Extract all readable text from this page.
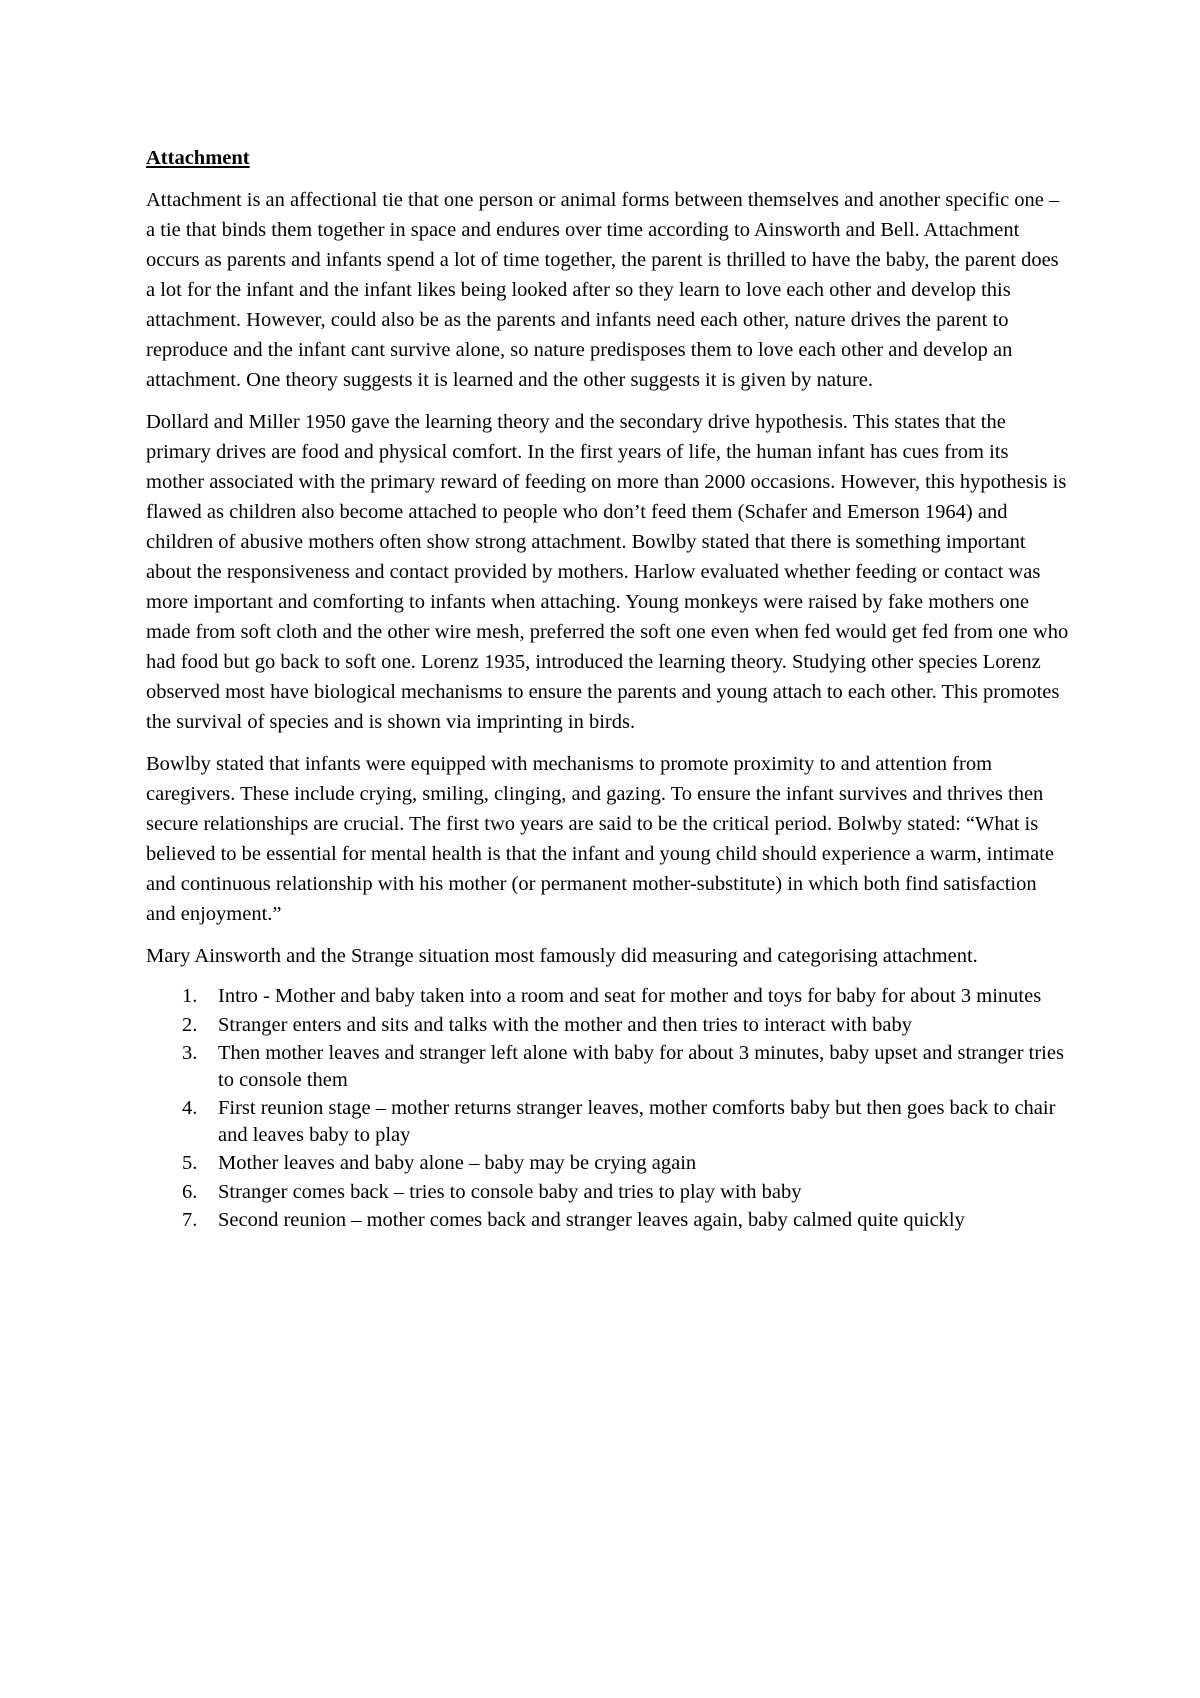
Attachment

Attachment is an affectional tie that one person or animal forms between themselves and another specific one – a tie that binds them together in space and endures over time according to Ainsworth and Bell. Attachment occurs as parents and infants spend a lot of time together, the parent is thrilled to have the baby, the parent does a lot for the infant and the infant likes being looked after so they learn to love each other and develop this attachment. However, could also be as the parents and infants need each other, nature drives the parent to reproduce and the infant cant survive alone, so nature predisposes them to love each other and develop an attachment. One theory suggests it is learned and the other suggests it is given by nature.

Dollard and Miller 1950 gave the learning theory and the secondary drive hypothesis. This states that the primary drives are food and physical comfort. In the first years of life, the human infant has cues from its mother associated with the primary reward of feeding on more than 2000 occasions. However, this hypothesis is flawed as children also become attached to people who don’t feed them (Schafer and Emerson 1964) and children of abusive mothers often show strong attachment. Bowlby stated that there is something important about the responsiveness and contact provided by mothers. Harlow evaluated whether feeding or contact was more important and comforting to infants when attaching. Young monkeys were raised by fake mothers one made from soft cloth and the other wire mesh, preferred the soft one even when fed would get fed from one who had food but go back to soft one. Lorenz 1935, introduced the learning theory. Studying other species Lorenz observed most have biological mechanisms to ensure the parents and young attach to each other. This promotes the survival of species and is shown via imprinting in birds.

Bowlby stated that infants were equipped with mechanisms to promote proximity to and attention from caregivers. These include crying, smiling, clinging, and gazing. To ensure the infant survives and thrives then secure relationships are crucial. The first two years are said to be the critical period. Bolwby stated: “What is believed to be essential for mental health is that the infant and young child should experience a warm, intimate and continuous relationship with his mother (or permanent mother-substitute) in which both find satisfaction and enjoyment.”

Mary Ainsworth and the Strange situation most famously did measuring and categorising attachment.

1.	Intro - Mother and baby taken into a room and seat for mother and toys for baby for about 3 minutes
2.	Stranger enters and sits and talks with the mother and then tries to interact with baby
3.	Then mother leaves and stranger left alone with baby for about 3 minutes, baby upset and stranger tries to console them
4.	First reunion stage – mother returns stranger leaves, mother comforts baby but then goes back to chair and leaves baby to play
5.	Mother leaves and baby alone – baby may be crying again
6.	Stranger comes back – tries to console baby and tries to play with baby
7.	Second reunion – mother comes back and stranger leaves again, baby calmed quite quickly
